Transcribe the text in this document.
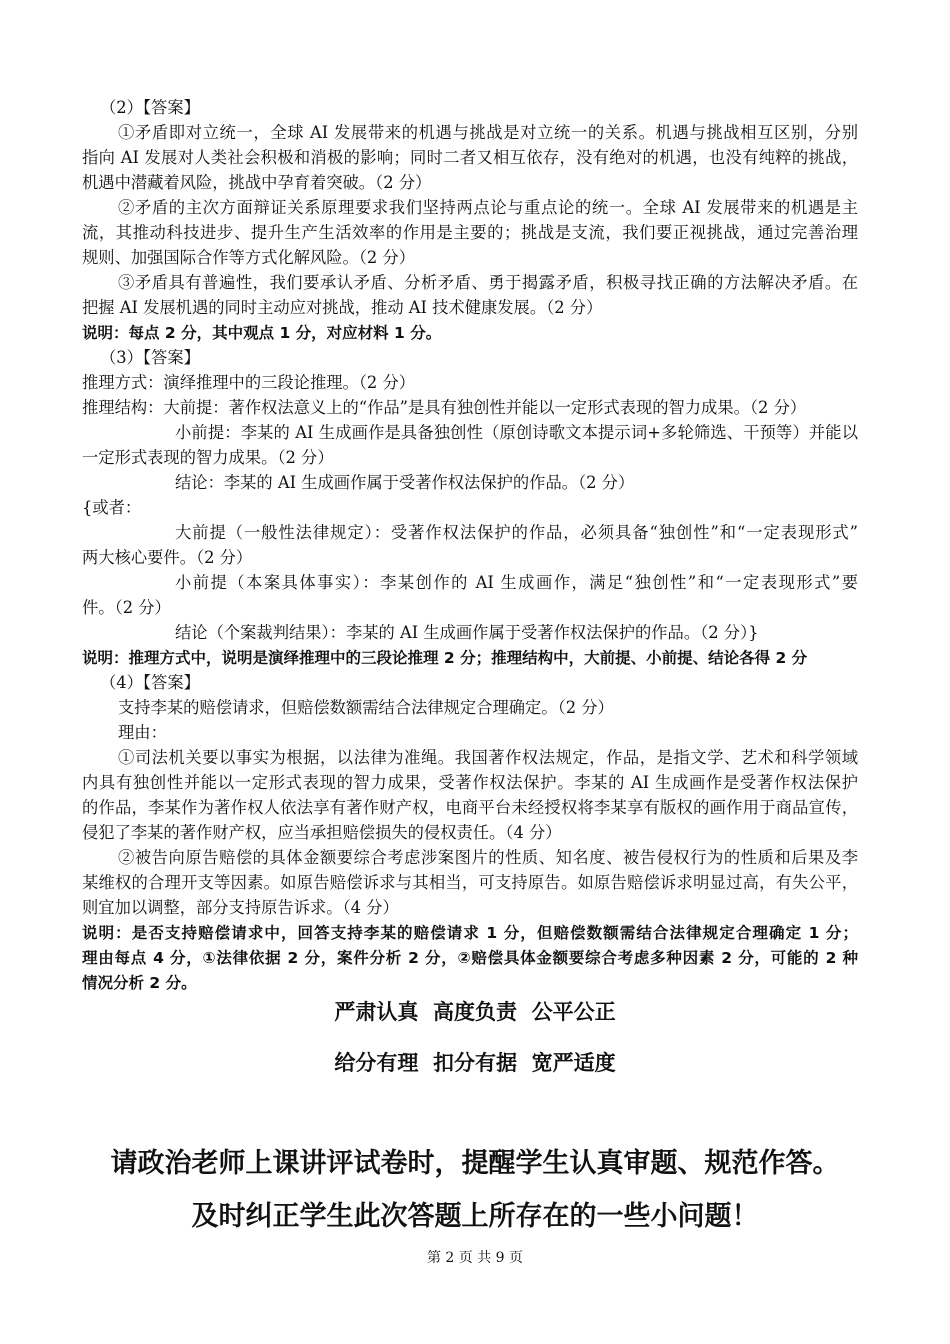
（2）【答案】
①矛盾即对立统一，全球 AI 发展带来的机遇与挑战是对立统一的关系。机遇与挑战相互区别，分别
指向 AI 发展对人类社会积极和消极的影响；同时二者又相互依存，没有绝对的机遇，也没有纯粹的挑战，
机遇中潜藏着风险，挑战中孕育着突破。（2 分）
②矛盾的主次方面辩证关系原理要求我们坚持两点论与重点论的统一。全球 AI 发展带来的机遇是主
流，其推动科技进步、提升生产生活效率的作用是主要的；挑战是支流，我们要正视挑战，通过完善治理
规则、加强国际合作等方式化解风险。（2 分）
③矛盾具有普遍性，我们要承认矛盾、分析矛盾、勇于揭露矛盾，积极寻找正确的方法解决矛盾。在
把握 AI 发展机遇的同时主动应对挑战，推动 AI 技术健康发展。（2 分）
说明：每点 2 分，其中观点 1 分，对应材料 1 分。
（3）【答案】
推理方式：演绎推理中的三段论推理。（2 分）
推理结构：大前提：著作权法意义上的“作品”是具有独创性并能以一定形式表现的智力成果。（2 分）
小前提：李某的 AI 生成画作是具备独创性（原创诗歌文本提示词+多轮筛选、干预等）并能以
一定形式表现的智力成果。（2 分）
结论：李某的 AI 生成画作属于受著作权法保护的作品。（2 分）
{或者：
大前提（一般性法律规定）：受著作权法保护的作品，必须具备“独创性”和“一定表现形式”
两大核心要件。（2 分）
小前提（本案具体事实）：李某创作的 AI 生成画作，满足“独创性”和“一定表现形式”要
件。（2 分）
结论（个案裁判结果）：李某的 AI 生成画作属于受著作权法保护的作品。（2 分）}
说明：推理方式中，说明是演绎推理中的三段论推理 2 分；推理结构中，大前提、小前提、结论各得 2 分
（4）【答案】
支持李某的赔偿请求，但赔偿数额需结合法律规定合理确定。（2 分）
理由：
①司法机关要以事实为根据，以法律为准绳。我国著作权法规定，作品，是指文学、艺术和科学领域
内具有独创性并能以一定形式表现的智力成果，受著作权法保护。李某的 AI 生成画作是受著作权法保护
的作品，李某作为著作权人依法享有著作财产权，电商平台未经授权将李某享有版权的画作用于商品宣传，
侵犯了李某的著作财产权，应当承担赔偿损失的侵权责任。（4 分）
②被告向原告赔偿的具体金额要综合考虑涉案图片的性质、知名度、被告侵权行为的性质和后果及李
某维权的合理开支等因素。如原告赔偿诉求与其相当，可支持原告。如原告赔偿诉求明显过高，有失公平，
则宜加以调整，部分支持原告诉求。（4 分）
说明：是否支持赔偿请求中，回答支持李某的赔偿请求 1 分，但赔偿数额需结合法律规定合理确定 1 分；
理由每点 4 分，①法律依据 2 分，案件分析 2 分，②赔偿具体金额要综合考虑多种因素 2 分，可能的 2 种
情况分析 2 分。
严肃认真  高度负责  公平公正
给分有理  扣分有据  宽严适度
请政治老师上课讲评试卷时，提醒学生认真审题、规范作答。
及时纠正学生此次答题上所存在的一些小问题！
第 2 页 共 9 页
